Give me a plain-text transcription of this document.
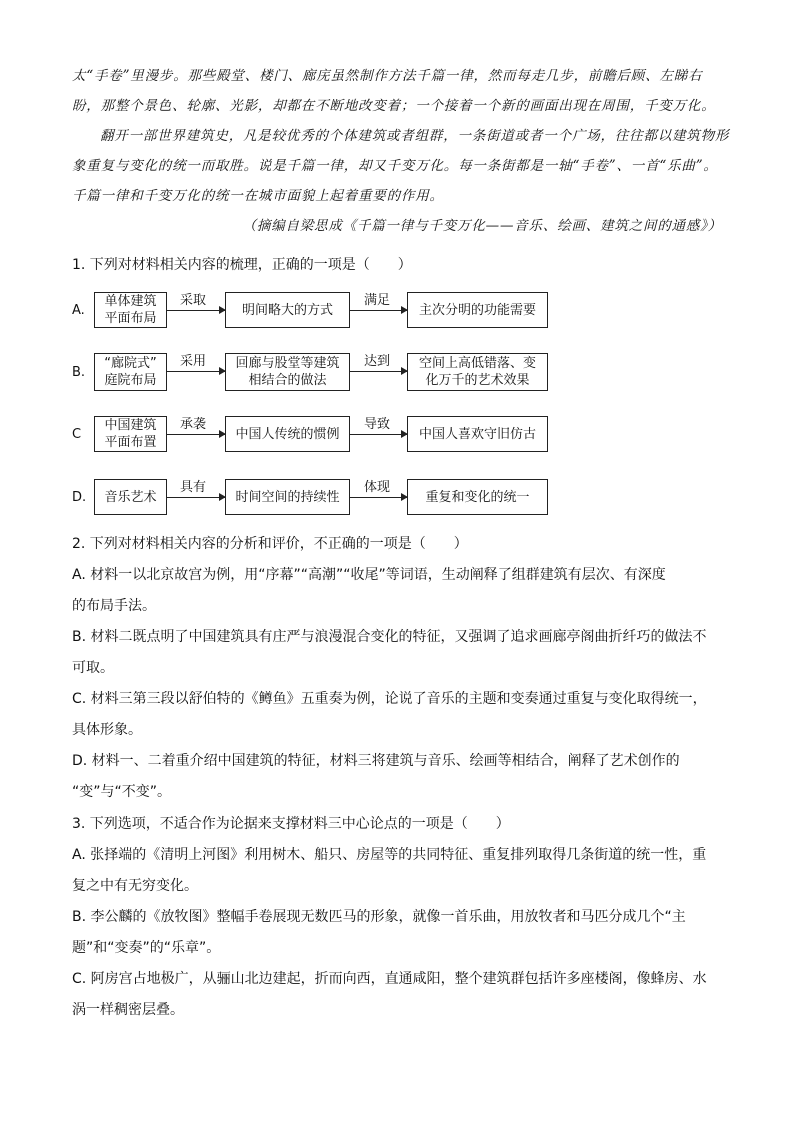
太“手卷”里漫步。那些殿堂、楼门、廊庑虽然制作方法千篇一律，然而每走几步，前瞻后顾、左睇右
盼，那整个景色、轮廓、光影，却都在不断地改变着；一个接着一个新的画面出现在周围，千变万化。
翻开一部世界建筑史，凡是较优秀的个体建筑或者组群，一条街道或者一个广场，往往都以建筑物形
象重复与变化的统一而取胜。说是千篇一律，却又千变万化。每一条街都是一轴“手卷”、一首“乐曲”。
千篇一律和千变万化的统一在城市面貌上起着重要的作用。
（摘编自梁思成《千篇一律与千变万化——音乐、绘画、建筑之间的通感》）
1. 下列对材料相关内容的梳理，正确的一项是（　　）
A.
单体建筑
平面布局
采取
明间略大的方式
满足
主次分明的功能需要
B.
“廊院式”
庭院布局
采用 回廊与股堂等建筑
相结合的做法
达到 空间上高低错落、变
化万千的艺术效果
C
中国建筑
平面布置
承袭
中国人传统的惯例
导致
中国人喜欢守旧仿古
D. 音乐艺术
具有
时间空间的持续性
体现
重复和变化的统一
2. 下列对材料相关内容的分析和评价，不正确的一项是（　　）
A. 材料一以北京故宫为例，用“序幕”“高潮”“收尾”等词语，生动阐释了组群建筑有层次、有深度
的布局手法。
B. 材料二既点明了中国建筑具有庄严与浪漫混合变化的特征，又强调了追求画廊亭阁曲折纤巧的做法不
可取。
C. 材料三第三段以舒伯特的《鳟鱼》五重奏为例，论说了音乐的主题和变奏通过重复与变化取得统一，
具体形象。
D. 材料一、二着重介绍中国建筑的特征，材料三将建筑与音乐、绘画等相结合，阐释了艺术创作的
“变”与“不变”。
3. 下列选项，不适合作为论据来支撑材料三中心论点的一项是（　　）
A. 张择端的《清明上河图》利用树木、船只、房屋等的共同特征、重复排列取得几条街道的统一性，重
复之中有无穷变化。
B. 李公麟的《放牧图》整幅手卷展现无数匹马的形象，就像一首乐曲，用放牧者和马匹分成几个“主
题”和“变奏”的“乐章”。
C. 阿房宫占地极广，从骊山北边建起，折而向西，直通咸阳，整个建筑群包括许多座楼阁，像蜂房、水
涡一样稠密层叠。
